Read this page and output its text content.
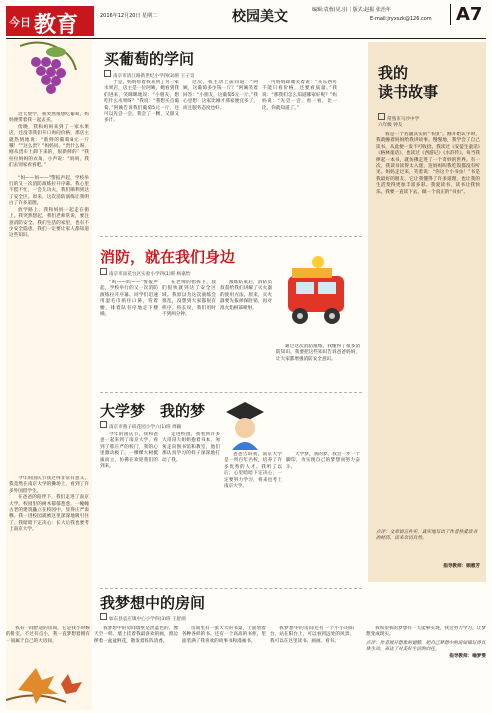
今日 教育	2016年12月20日 星期二	校园美文	编辑:袁蓉(见习)｜版式:赵振 张治年
E-mail:jryxszk@126.com	A7

这天放学，我突然很想吃葡萄，妈妈便带着我一起去买。

傍晚，我和妈妈来到了一家水果店，还没等我们开口询问价格，那店主就热情地说：“新鲜的葡萄8元一斤哦！”“这么贵？”妈妈问。“贵什么呀，刚从货车上卸下来的，很新鲜的！”我拉拉妈妈的衣角，小声说：“妈妈，我们去别家看看吧。”

“妈——妈——”警报声起，学校举行的又一次消防演练拉开序幕。我心里不慌不忙，一会儿功夫，我们顺利到达了安全区。原来，这次消防演练让我明白了许多道理。

放学路上，我和妈妈一起走在街上。我突然想起，我们老师常说，要注意消防安全。我们生活的家里，也有不少安全隐患，我们一定要让家人都知道这些知识。

今年的国庆节我过得非常有意义，我竟然在南京大学的操场上，看到了许多外国留学生。

在爸爸的陪伴下，我们走进了南京大学。校园里的树木郁郁葱葱，一幢幢古老的建筑矗立在校园中，显得庄严肃穆。我一进校园就被这里深深地吸引住了，我暗暗下定决心：长大后我也要考上南京大学。

买葡萄的学问
南京市清江路新世纪小学四(3)班 王子昊

于是，妈妈带着我来到了另一家水果店，店主是一位阿姨，她看到我们进来，笑眯眯地说：“小朋友，想吃什么水果呀？”我说：“我想买点葡萄。”阿姨告诉我们葡萄5元一斤，还可以先尝一尝。我尝了一颗，又甜又多汁。

这次，我主动上前问道：“阿姨，这葡萄多少钱一斤？”阿姨笑着回答：“小朋友，这葡萄5元一斤。”我心里想：这家比刚才那家便宜多了，而且服务态度也好。

可妈妈却微笑着说：“买东西可不能只看价格，还要看质量。”我说：“那我们怎么知道哪家好呢？”妈妈说：“先尝一尝，看一看，比一比，你就知道了。”

消防，就在我们身边
南京市雨花台区实验小学四(1)班 杨嘉怡

“呜——呜——”警报声起，学校举行的又一次消防演练拉开序幕。同学们迅速用湿毛巾捂住口鼻，弯着腰，排着队有序地走下楼梯。

在老师的指挥下，我们很快就到达了安全区域。我原以为这次演练会很乱，没想到大家都很有秩序。校长说，我们用时不到两分钟。

演练结束后，消防员叔叔给我们讲解了灭火器的使用方法。原来，灭火器要先拔掉保险销，再对准火焰根部喷射。

通过这次消防演练，我懂得了很多消防知识。我要把这些知识告诉爸爸妈妈，让大家都增强消防安全意识。

大学梦　我的梦
南京市燕子矶花园小学六(1)班 周颖

今年的国庆节，我和爸爸一起来到了南京大学，看到了那庄严的校门，我的心里激动极了。一棵棵大树挺拔而立，仿佛在欢迎我们的到来。

走进校园，我看到许多大哥哥大姐姐抱着书本，匆匆走向图书馆和教室，他们那认真学习的样子深深地打动了我。

爸爸告诉我，南京大学是一所百年名校，培养了许多优秀的人才。我听了以后，心里暗暗下定决心，一定要努力学习，将来也考上南京大学。

大学梦，我的梦。我会一步一个脚印，为实现自己的梦想而努力奋斗。

我梦想中的房间
如东县袁庄镇中心小学四(3)班 王舒颜

我有一间舒适的房间，它是我小时候的卧室，不过有点小，我一直梦想着拥有一间属于自己的大房间。

我梦想中的房间墙壁是淡蓝色的，像天空一样。墙上挂着我最喜欢的画，窗边摆着一盆盆鲜花，散发着阵阵清香。

房间里有一张大大的书桌，上面放着各种各样的书。还有一个高高的书柜，里面装满了我喜欢的故事书和漫画书。

我梦想中的房间还有一个小小的阳台，站在阳台上，可以看到远处的风景，我可以在这里读书、画画、看书。

我希望我的梦想有一天能够实现，我会努力学习，让梦想变成现实。

点评：作者展开想象的翅膀，把自己梦想中的房间描写得具体生动，表达了对美好生活的向往。
指导教师：喻梦雯
我的
读书故事

常熟市马沙中学
六年级 钟友

我是一个名副其实的“书虫”。刚开始认字时，我就缠着妈妈给我讲故事。慢慢地，我学会了自己读书，从此便一发不可收拾。我读过《安徒生童话》《格林童话》，也读过《西游记》《水浒传》。每当我捧起一本书，就仿佛走进了一个奇妙的世界。有一次，我读书读得太入迷，连妈妈叫我吃饭都没有听见。妈妈走过来，笑着说：“你这个小书虫！”书是我最好的朋友，它让我懂得了许多道理，也让我的生活变得更加丰富多彩。我爱读书，读书让我快乐。我要一直读下去，做一个真正的“书虫”。

点评：文章语言朴实，真实地写出了作者热爱读书的经历，读来亲切自然。
指导教师：顾惠芳
